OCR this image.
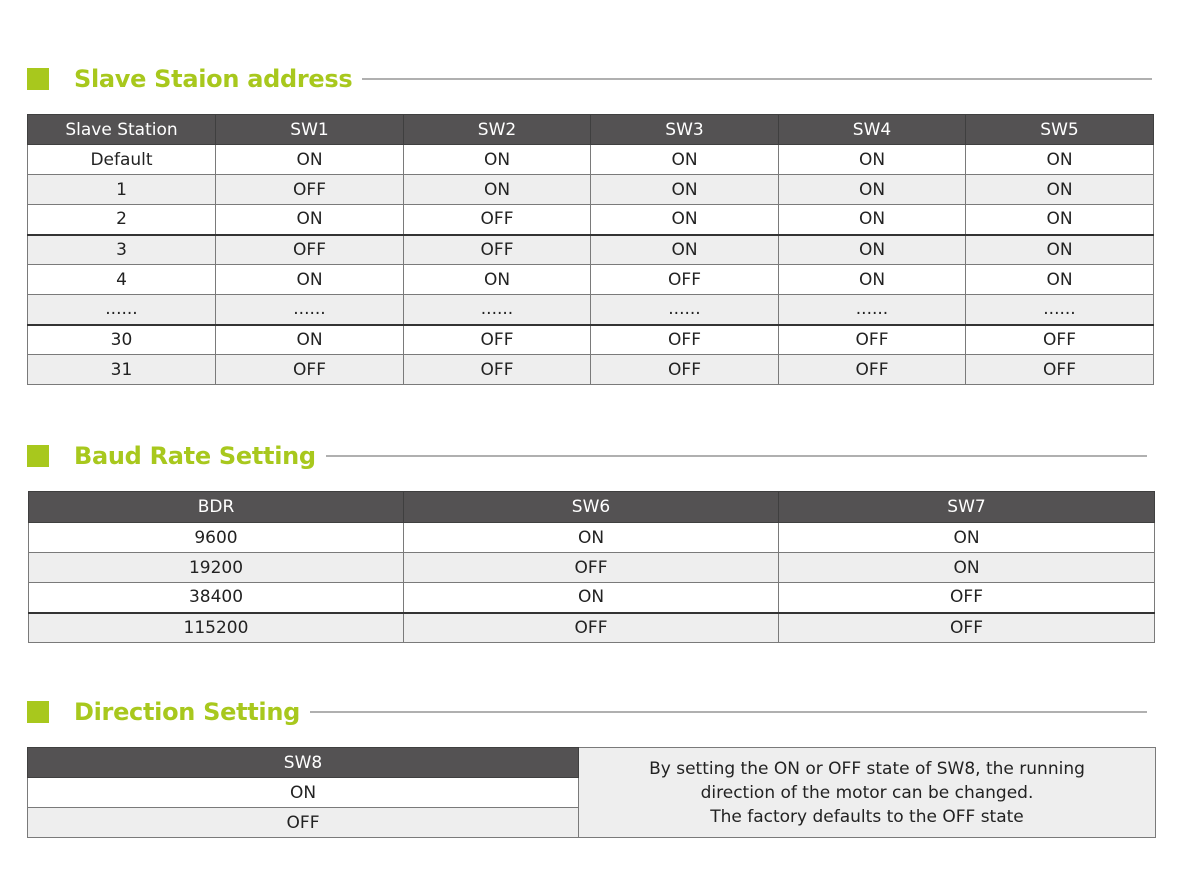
Slave Staion address
Slave Station	SW1	SW2	SW3	SW4	SW5
Default	ON	ON	ON	ON	ON
1	OFF	ON	ON	ON	ON
2	ON	OFF	ON	ON	ON
3	OFF	OFF	ON	ON	ON
4	ON	ON	OFF	ON	ON
......	......	......	......	......	......
30	ON	OFF	OFF	OFF	OFF
31	OFF	OFF	OFF	OFF	OFF
Baud Rate Setting
BDR	SW6	SW7
9600	ON	ON
19200	OFF	ON
38400	ON	OFF
115200	OFF	OFF
Direction Setting
SW8	By setting the ON or OFF state of SW8, the running
direction of the motor can be changed.
The factory defaults to the OFF state

ON
OFF
